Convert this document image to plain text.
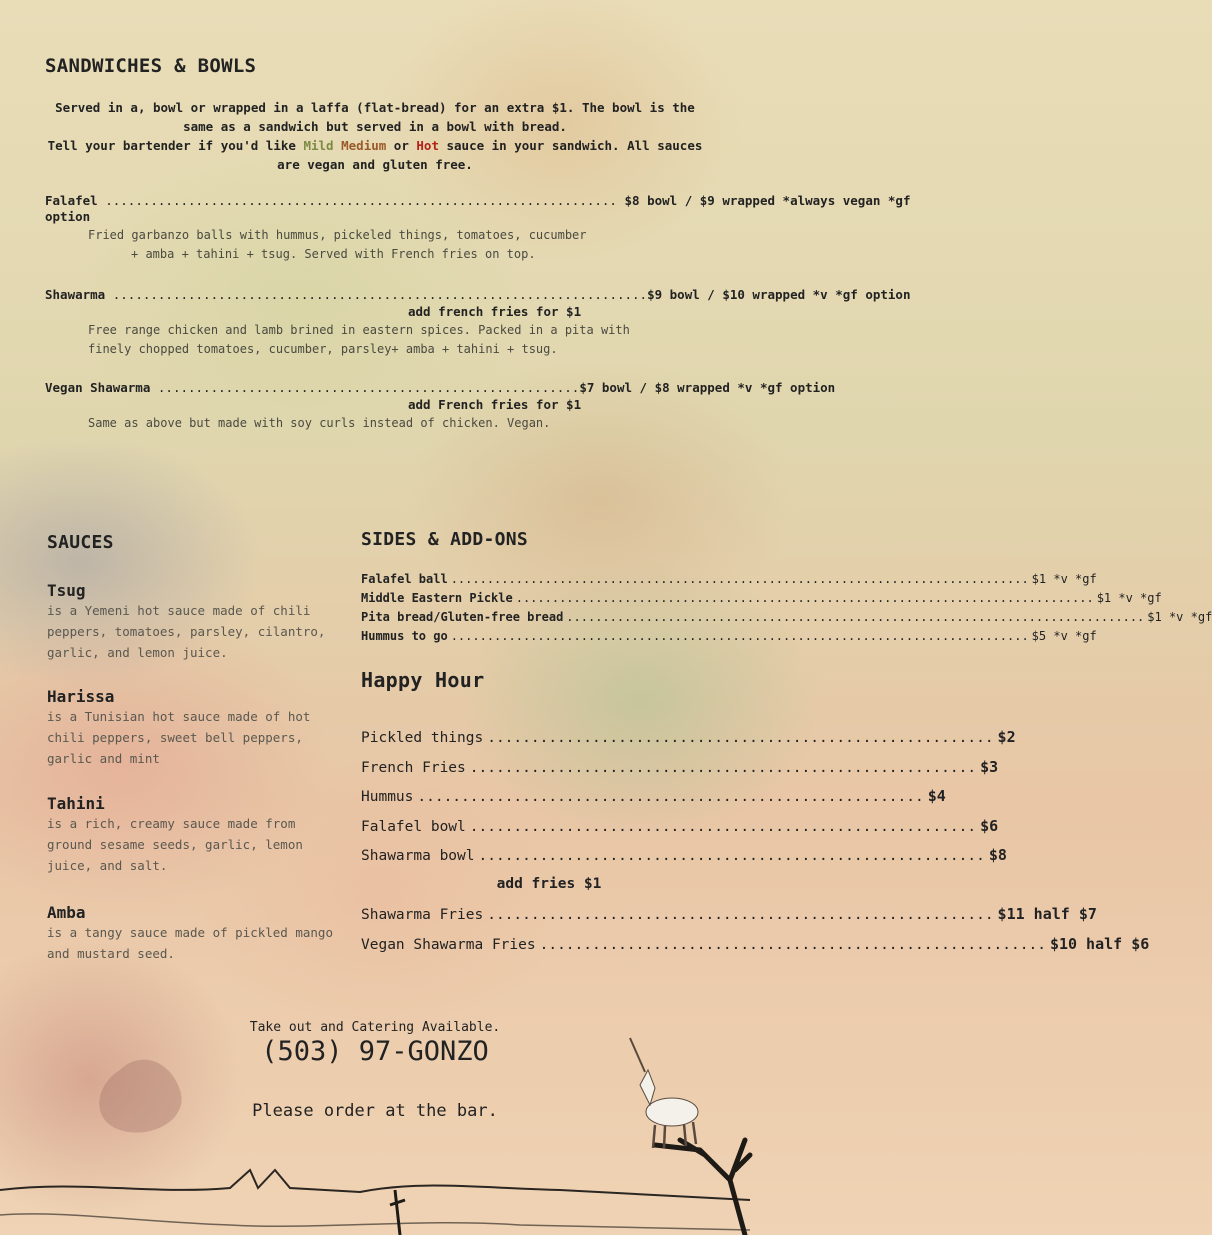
SANDWICHES & BOWLS
Served in a, bowl or wrapped in a laffa (flat-bread) for an extra $1. The bowl is the same as a sandwich but served in a bowl with bread.
Tell your bartender if you'd like Mild Medium or Hot sauce in your sandwich. All sauces are vegan and gluten free.
Falafel .................................................................... $8 bowl / $9 wrapped *always vegan *gf
option
Fried garbanzo balls with hummus, pickeled things, tomatoes, cucumber
+ amba + tahini + tsug. Served with French fries on top.
Shawarma .......................................................................$9 bowl / $10 wrapped *v *gf option
add french fries for $1
Free range chicken and lamb brined in eastern spices. Packed in a pita with
finely chopped tomatoes, cucumber, parsley+ amba + tahini + tsug.
Vegan Shawarma ........................................................$7 bowl / $8 wrapped *v *gf option
add French fries for $1
Same as above but made with soy curls instead of chicken. Vegan.
SAUCES
Tsug
is a Yemeni hot sauce made of chili peppers, tomatoes, parsley, cilantro, garlic, and lemon juice.
Harissa
is a Tunisian hot sauce made of hot chili peppers, sweet bell peppers, garlic and mint
Tahini
is a rich, creamy sauce made from ground sesame seeds, garlic, lemon juice, and salt.
Amba
is a tangy sauce made of pickled mango and mustard seed.
SIDES & ADD-ONS
Falafel ball ................................................................................ $1 *v *gf
Middle Eastern Pickle ................................................................................ $1 *v *gf
Pita bread/Gluten-free bread ................................................................................ $1 *v *gf
Hummus to go ................................................................................ $5 *v *gf
Happy Hour
Pickled things .......................................................... $2
French Fries .......................................................... $3
Hummus .......................................................... $4
Falafel bowl .......................................................... $6
Shawarma bowl .......................................................... $8
add fries $1
Shawarma Fries .......................................................... $11 half $7
Vegan Shawarma Fries .......................................................... $10 half $6
Take out and Catering Available.
(503) 97-GONZO
Please order at the bar.
